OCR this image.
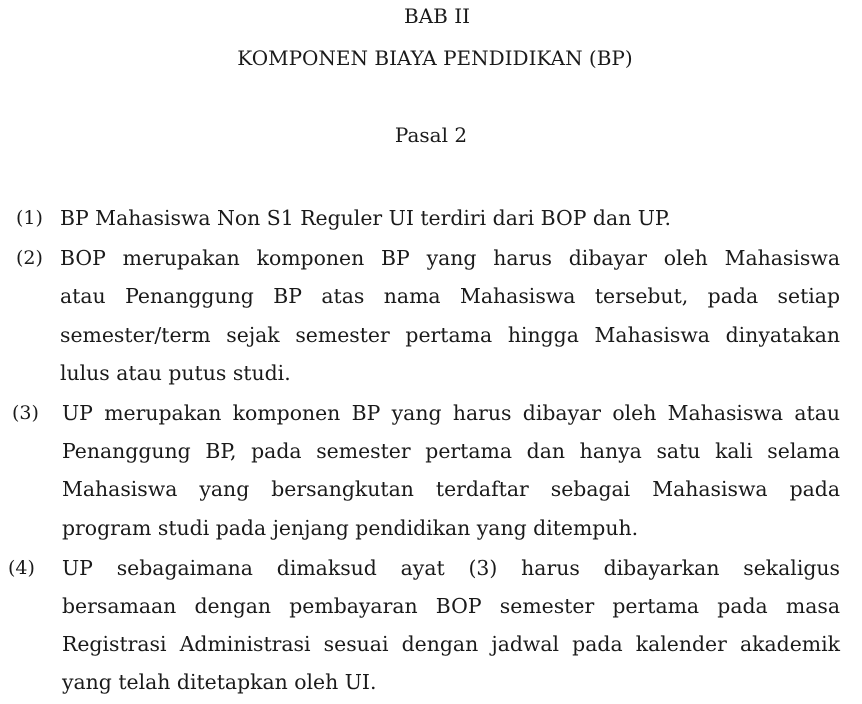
BAB II
KOMPONEN BIAYA PENDIDIKAN (BP)
Pasal 2
(1) BP Mahasiswa Non S1 Reguler UI terdiri dari BOP dan UP.
(2) BOP merupakan komponen BP yang harus dibayar oleh Mahasiswa
atau Penanggung BP atas nama Mahasiswa tersebut, pada setiap
semester/term sejak semester pertama hingga Mahasiswa dinyatakan
lulus atau putus studi.
(3) UP merupakan komponen BP yang harus dibayar oleh Mahasiswa atau
Penanggung BP, pada semester pertama dan hanya satu kali selama
Mahasiswa yang bersangkutan terdaftar sebagai Mahasiswa pada
program studi pada jenjang pendidikan yang ditempuh.
(4) UP sebagaimana dimaksud ayat (3) harus dibayarkan sekaligus
bersamaan dengan pembayaran BOP semester pertama pada masa
Registrasi Administrasi sesuai dengan jadwal pada kalender akademik
yang telah ditetapkan oleh UI.
